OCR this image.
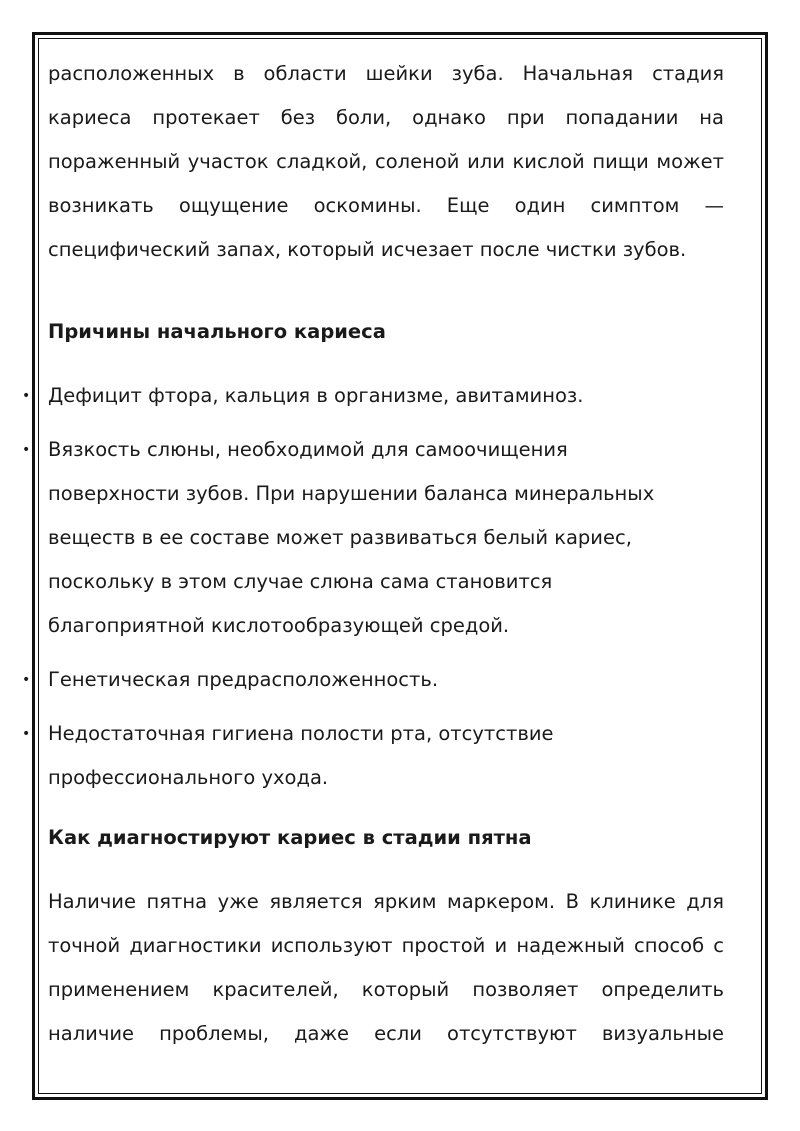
расположенных в области шейки зуба. Начальная стадия кариеса протекает без боли, однако при попадании на пораженный участок сладкой, соленой или кислой пищи может возникать ощущение оскомины. Еще один симптом — специфический запах, который исчезает после чистки зубов.

Причины начального кариеса

• Дефицит фтора, кальция в организме, авитаминоз.
• Вязкость слюны, необходимой для самоочищения поверхности зубов. При нарушении баланса минеральных веществ в ее составе может развиваться белый кариес, поскольку в этом случае слюна сама становится благоприятной кислотообразующей средой.
• Генетическая предрасположенность.
• Недостаточная гигиена полости рта, отсутствие профессионального ухода.

Как диагностируют кариес в стадии пятна

Наличие пятна уже является ярким маркером. В клинике для точной диагностики используют простой и надежный способ с применением красителей, который позволяет определить наличие проблемы, даже если отсутствуют визуальные
